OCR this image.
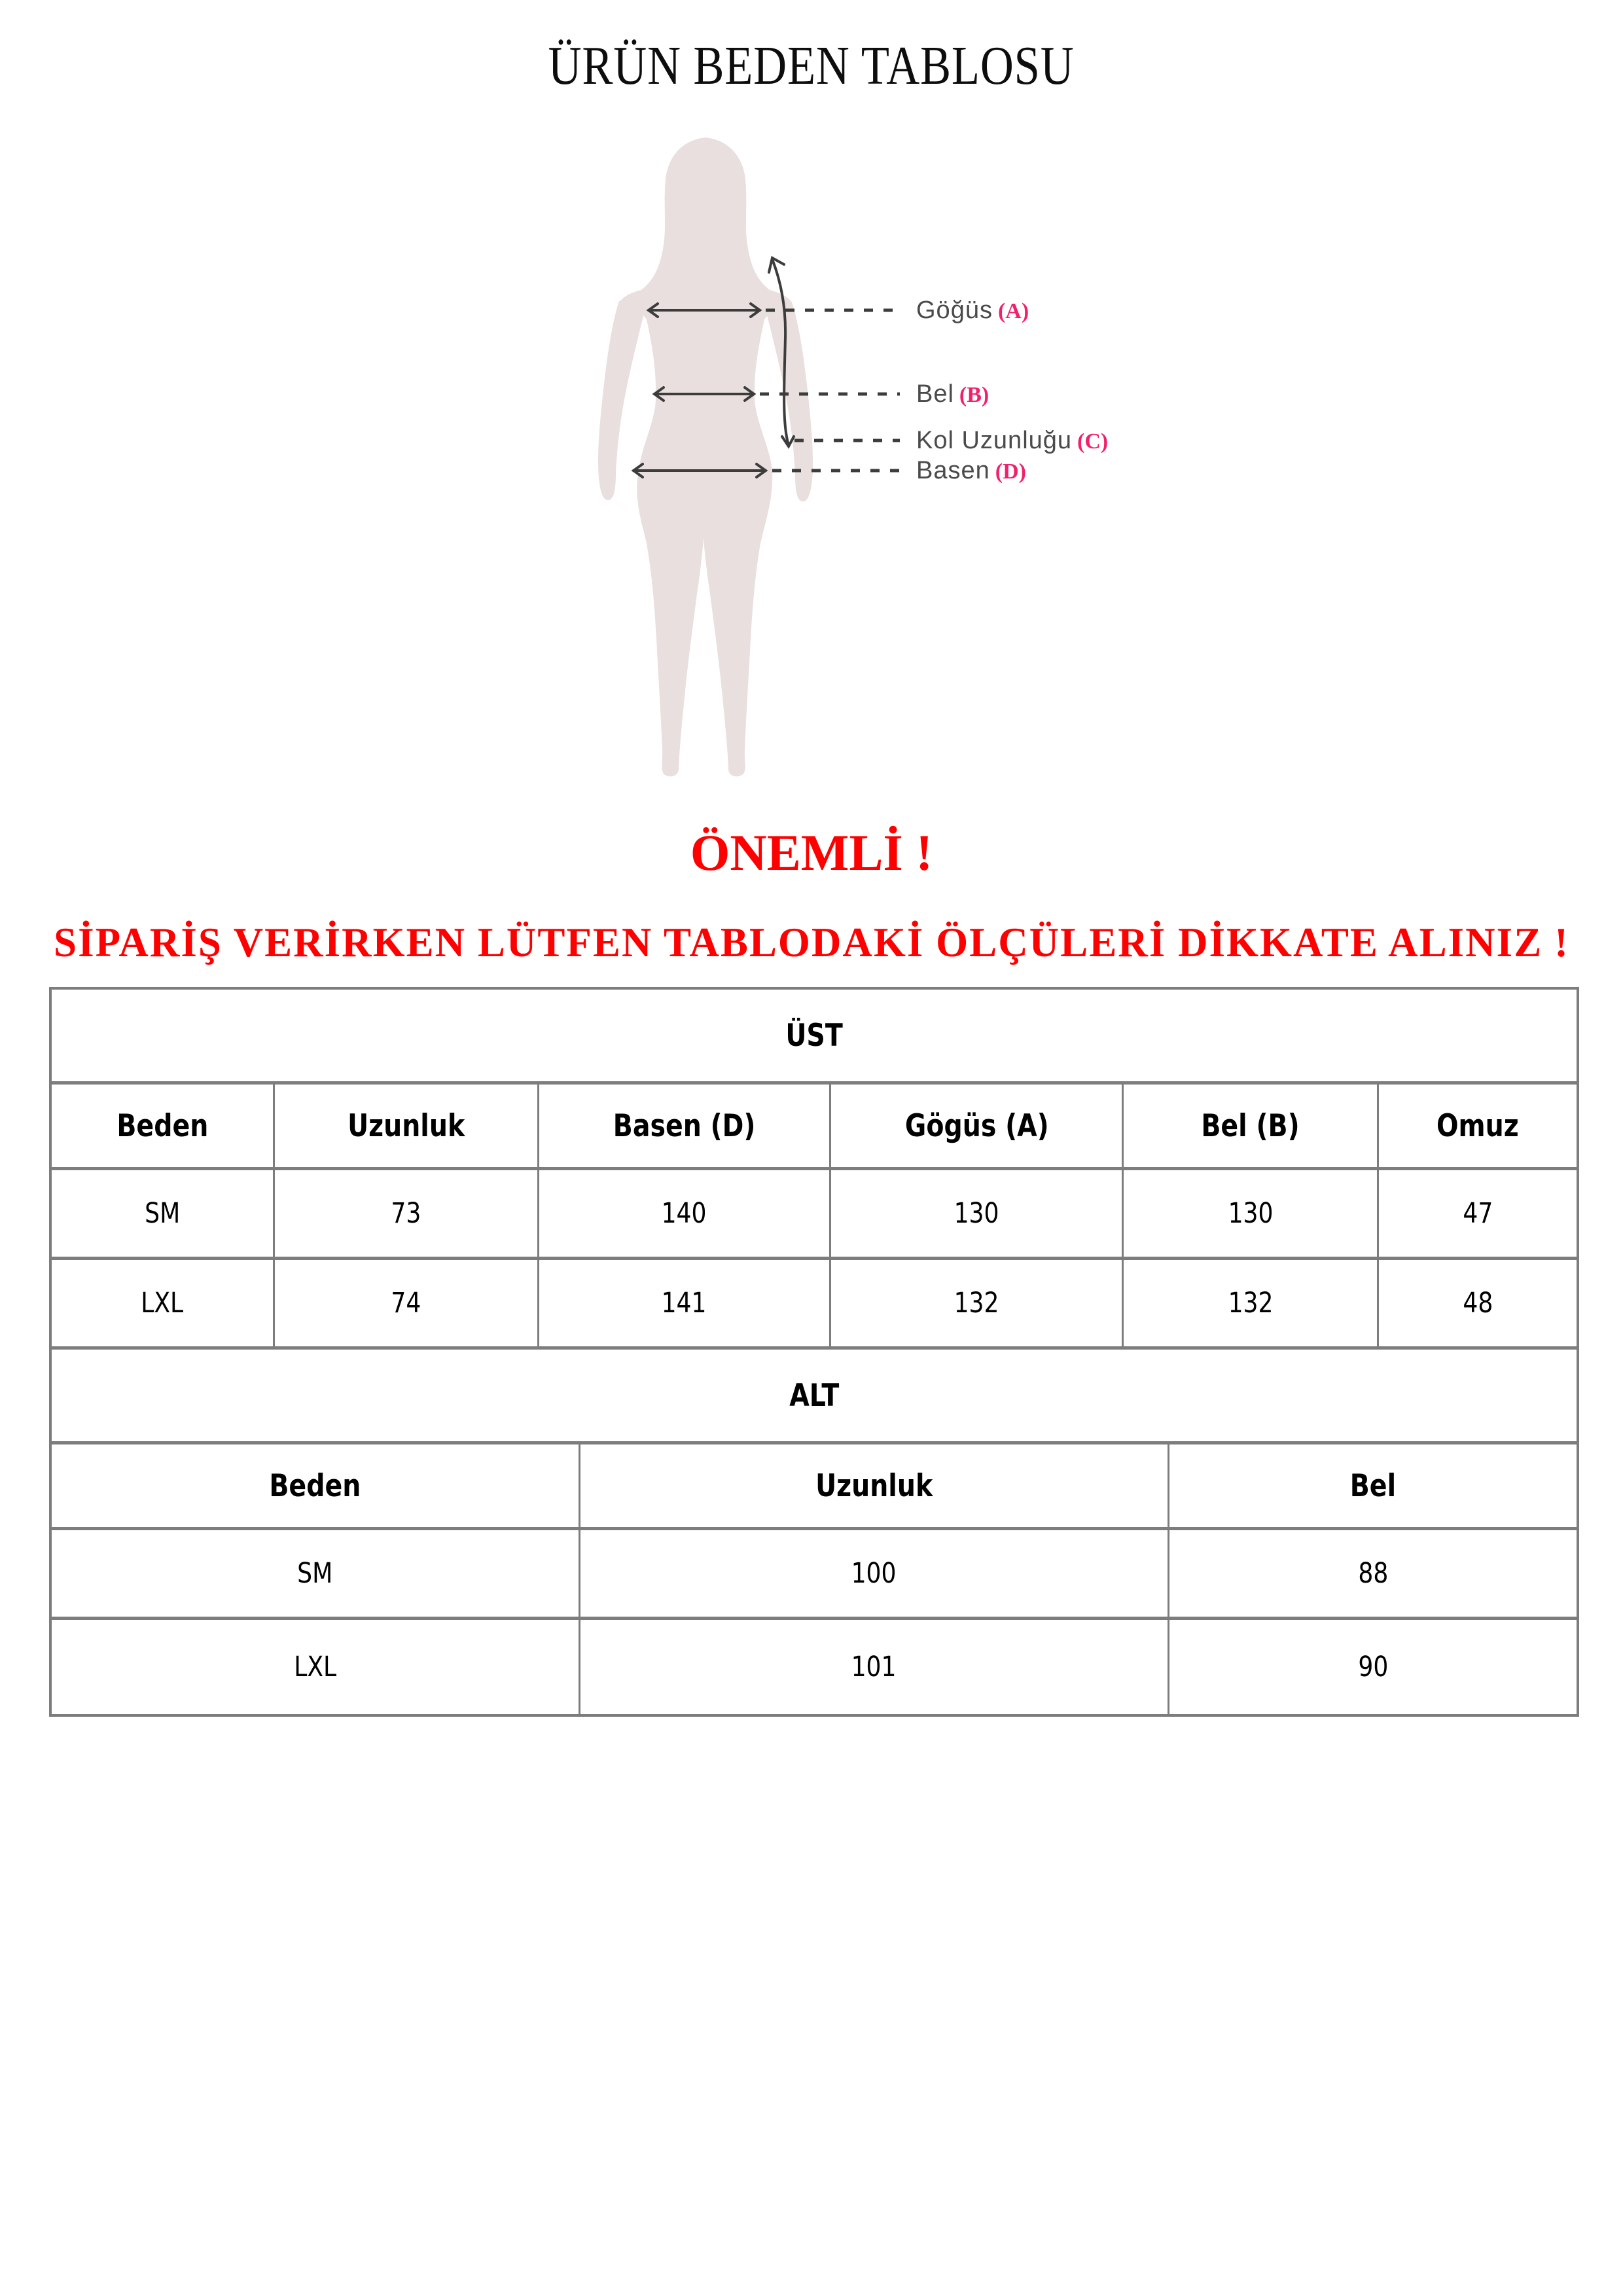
ÜRÜN BEDEN TABLOSU
Göğüs (A)
Bel (B)
Kol Uzunluğu (C)
Basen (D)
ÖNEMLİ !
SİPARİŞ VERİRKEN LÜTFEN TABLODAKİ ÖLÇÜLERİ DİKKATE ALINIZ !
ÜST
Beden	Uzunluk	Basen (D)	Gögüs (A)	Bel (B)	Omuz
SM	73	140	130	130	47
LXL	74	141	132	132	48
ALT
Beden	Uzunluk	Bel
SM	100	88
LXL	101	90
